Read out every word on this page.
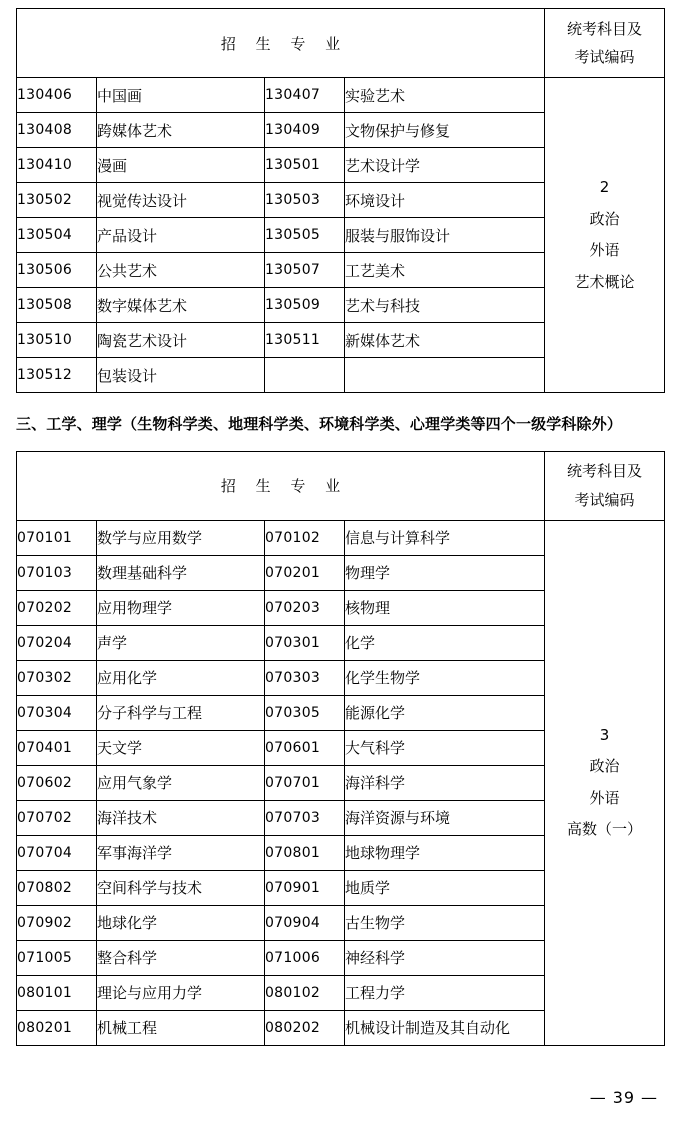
招 生 专 业				统考科目及
考试编码

130406	中国画	130407	实验艺术	2
政治
外语
艺术概论

130408	跨媒体艺术	130409	文物保护与修复	
130410	漫画	130501	艺术设计学	
130502	视觉传达设计	130503	环境设计	
130504	产品设计	130505	服装与服饰设计	
130506	公共艺术	130507	工艺美术	
130508	数字媒体艺术	130509	艺术与科技	
130510	陶瓷艺术设计	130511	新媒体艺术	
130512	包装设计			
三、工学、理学（生物科学类、地理科学类、环境科学类、心理学类等四个一级学科除外）
招 生 专 业				统考科目及
考试编码

070101	数学与应用数学	070102	信息与计算科学	3
政治
外语
高数（一）

070103	数理基础科学	070201	物理学	
070202	应用物理学	070203	核物理	
070204	声学	070301	化学	
070302	应用化学	070303	化学生物学	
070304	分子科学与工程	070305	能源化学	
070401	天文学	070601	大气科学	
070602	应用气象学	070701	海洋科学	
070702	海洋技术	070703	海洋资源与环境	
070704	军事海洋学	070801	地球物理学	
070802	空间科学与技术	070901	地质学	
070902	地球化学	070904	古生物学	
071005	整合科学	071006	神经科学	
080101	理论与应用力学	080102	工程力学	
080201	机械工程	080202	机械设计制造及其自动化	
— 39 —
